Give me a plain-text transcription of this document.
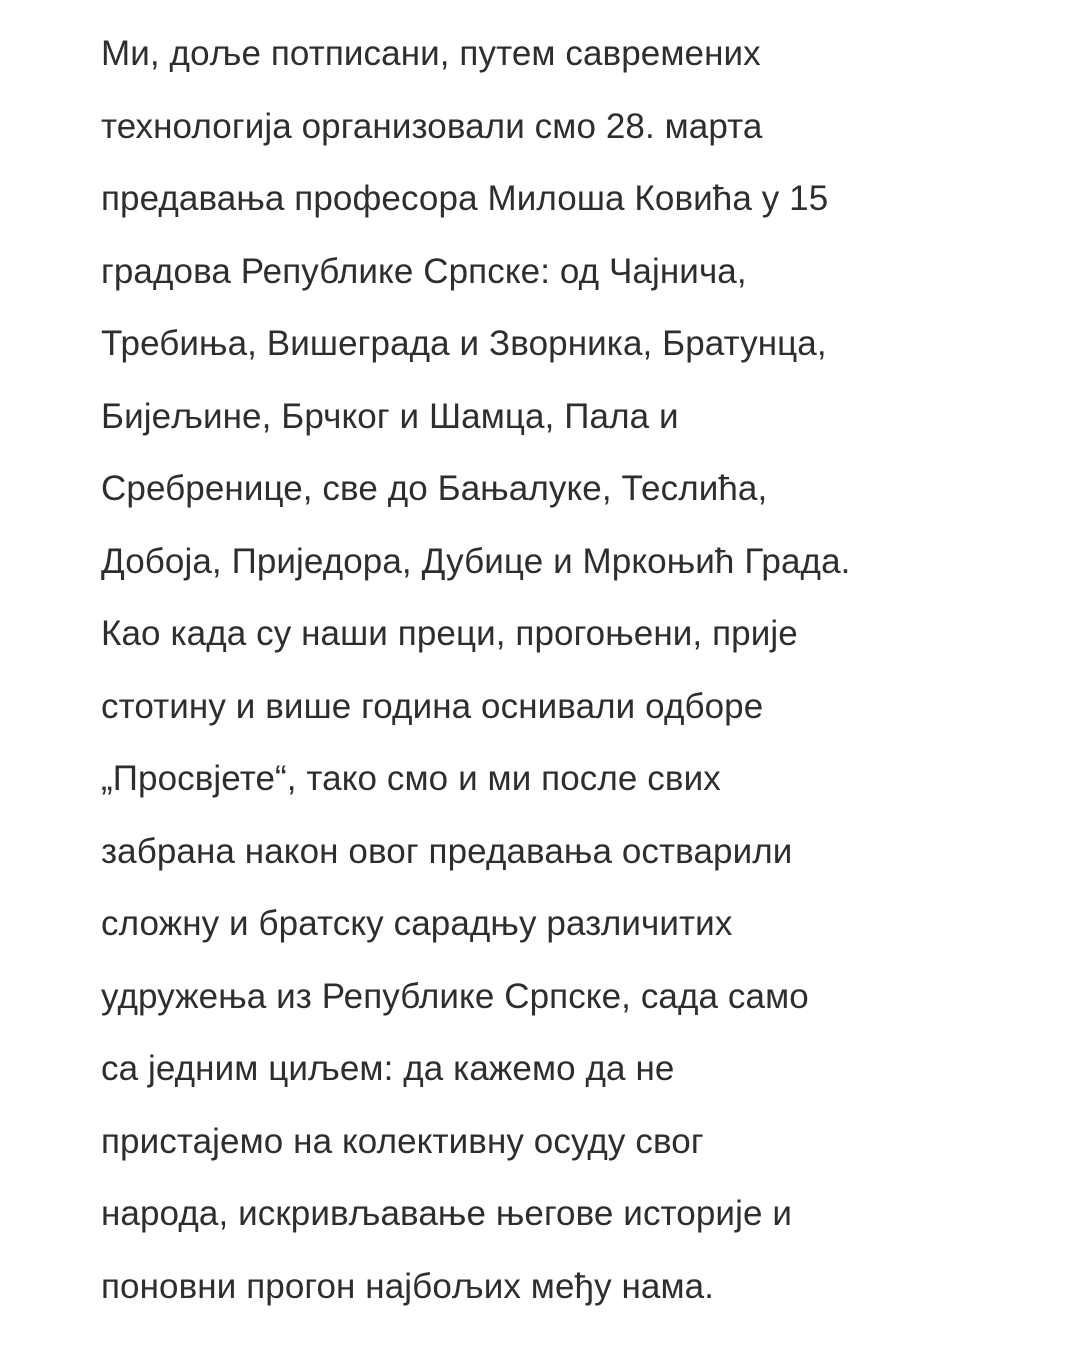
Ми, доље потписани, путем савремених
технологија организовали смо 28. марта
предавања професора Милоша Ковића у 15
градова Републике Српске: од Чајнича,
Требиња, Вишеграда и Зворника, Братунца,
Бијељине, Брчког и Шамца, Пала и
Сребренице, све до Бањалуке, Теслића,
Добоја, Приједора, Дубице и Мркоњић Града.
Као када су наши преци, прогоњени, прије
стотину и више година оснивали одборе
„Просвјете“, тако смо и ми после свих
забрана након овог предавања остварили
сложну и братску сарадњу различитих
удружења из Републике Српске, сада само
са једним циљем: да кажемо да не
пристајемо на колективну осуду свог
народа, искривљавање његове историје и
поновни прогон најбољих међу нама.
